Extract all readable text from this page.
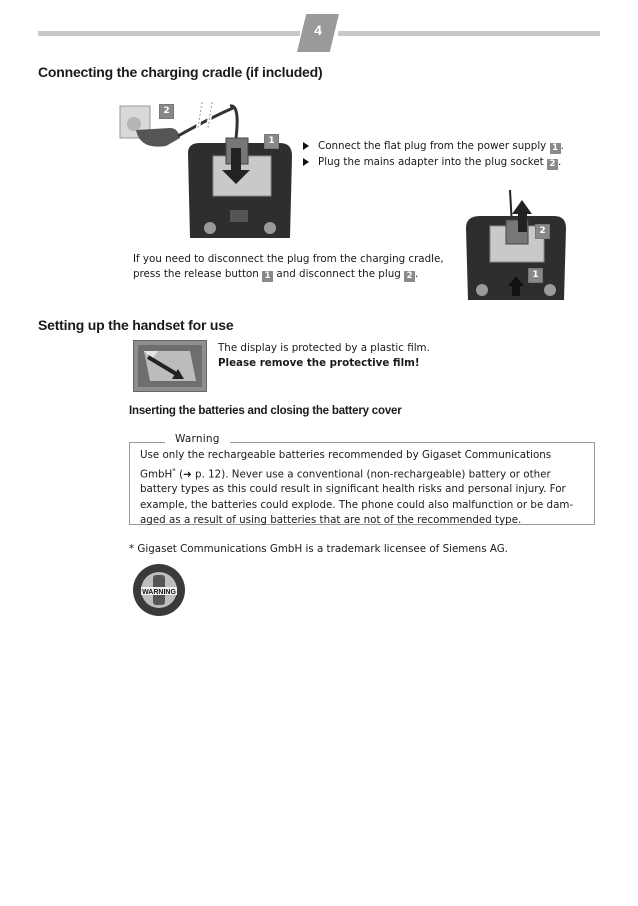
4
Connecting the charging cradle (if included)
2
1	Connect the flat plug from the power supply 1 .
Plug the mains adapter into the plug socket 2 .
2
1
If you need to disconnect the plug from the charging cradle,
press the release button 1 and disconnect the plug 2 .
Setting up the handset for use
The display is protected by a plastic film.
Please remove the protective film!
Inserting the batteries and closing the battery cover
Warning
Use only the rechargeable batteries recommended by Gigaset Communications
GmbH* (➜ p. 12). Never use a conventional (non-rechargeable) battery or other
battery types as this could result in significant health risks and personal injury. For
example, the batteries could explode. The phone could also malfunction or be dam-
aged as a result of using batteries that are not of the recommended type.
* Gigaset Communications GmbH is a trademark licensee of Siemens AG.
WARNING
